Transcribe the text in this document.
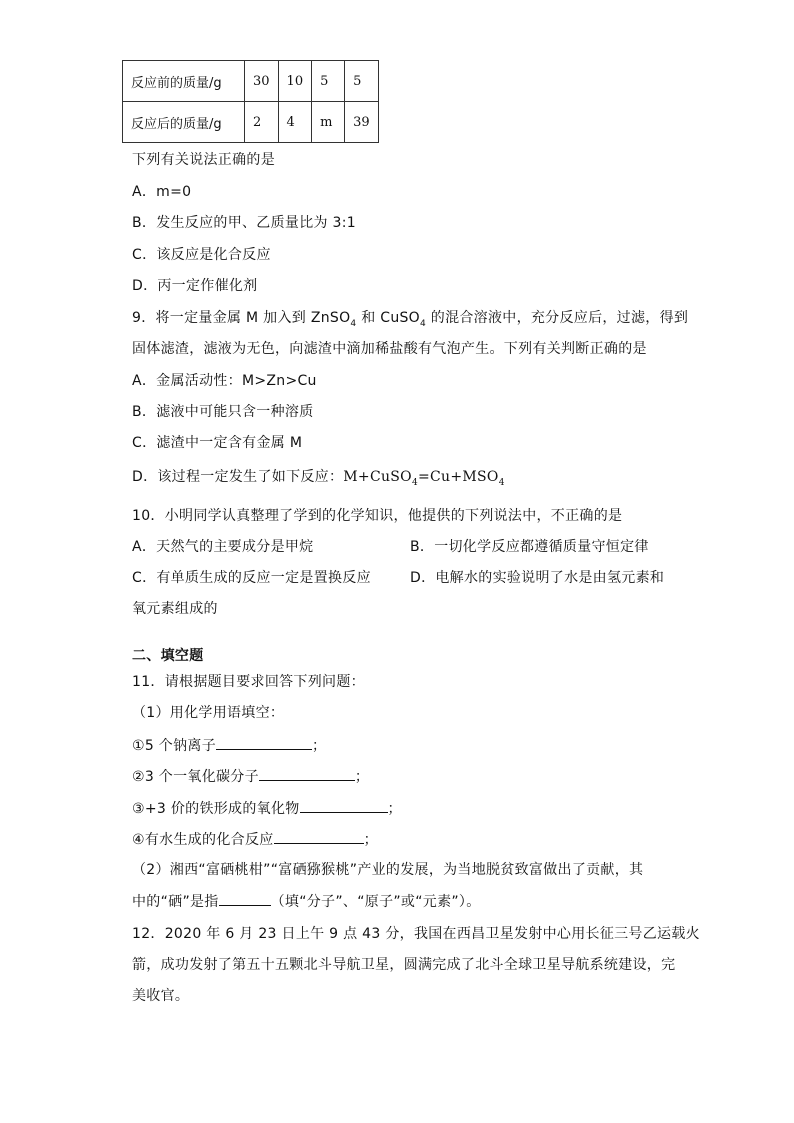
反应前的质量/g	30	10	5	5
反应后的质量/g	2	4	m	39
下列有关说法正确的是
A．m=0
B．发生反应的甲、乙质量比为 3:1
C．该反应是化合反应
D．丙一定作催化剂
9．将一定量金属 M 加入到 ZnSO$_4$ 和 CuSO$_4$ 的混合溶液中，充分反应后，过滤，得到
固体滤渣，滤液为无色，向滤渣中滴加稀盐酸有气泡产生。下列有关判断正确的是
A．金属活动性：M>Zn>Cu
B．滤液中可能只含一种溶质
C．滤渣中一定含有金属 M
D．该过程一定发生了如下反应：$M+CuSO_4=Cu+MSO_4$
10．小明同学认真整理了学到的化学知识，他提供的下列说法中，不正确的是
A．天然气的主要成分是甲烷	B．一切化学反应都遵循质量守恒定律
C．有单质生成的反应一定是置换反应	D．电解水的实验说明了水是由氢元素和
氧元素组成的
二、填空题
11．请根据题目要求回答下列问题：
（1）用化学用语填空：
①5 个钠离子	；
②3 个一氧化碳分子	；
③+3 价的铁形成的氧化物	；
④有水生成的化合反应	；
（2）湘西“富硒桃柑”“富硒猕猴桃”产业的发展，为当地脱贫致富做出了贡献，其
中的“硒”是指	（填“分子”、“原子”或“元素”）。
12．2020 年 6 月 23 日上午 9 点 43 分，我国在西昌卫星发射中心用长征三号乙运载火
箭，成功发射了第五十五颗北斗导航卫星，圆满完成了北斗全球卫星导航系统建设，完
美收官。
